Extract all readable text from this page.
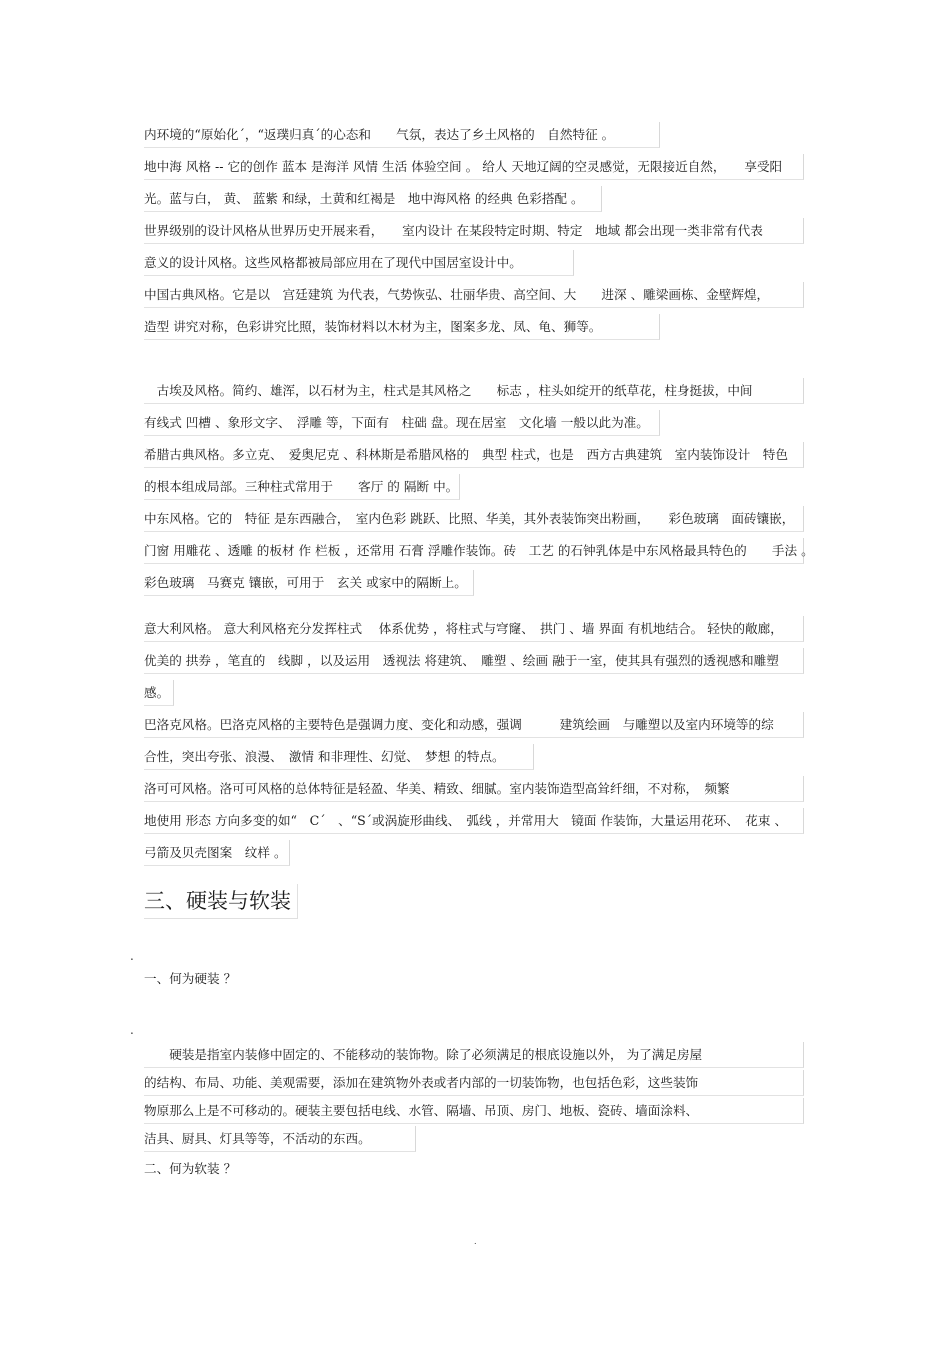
内环境的“原始化ˊ，“返璞归真ˊ的心态和　　气氛，表达了乡土风格的　自然特征 。
地中海 风格 -- 它的创作 蓝本 是海洋 风情 生活 体验空间 。 给人 天地辽阔的空灵感觉，无限接近自然，　　享受阳
光。蓝与白， 黄、 蓝紫 和绿，土黄和红褐是　地中海风格 的经典 色彩搭配 。
世界级别的设计风格从世界历史开展来看，　　室内设计 在某段特定时期、特定　地域 都会出现一类非常有代表
意义的设计风格。这些风格都被局部应用在了现代中国居室设计中。
中国古典风格。它是以　宫廷建筑 为代表，气势恢弘、壮丽华贵、高空间、大　　进深 、雕梁画栋、金壁辉煌，
造型 讲究对称，色彩讲究比照，装饰材料以木材为主，图案多龙、凤、龟、狮等。
　古埃及风格。简约、雄浑，以石材为主，柱式是其风格之　　标志 ，柱头如绽开的纸草花，柱身挺拔，中间
有线式 凹槽 、象形文字、　浮雕 等，下面有　柱础 盘。现在居室　文化墙 一般以此为准。
希腊古典风格。多立克、　爱奥尼克 、科林斯是希腊风格的　典型 柱式，也是　西方古典建筑　室内装饰设计　特色
的根本组成局部。三种柱式常用于　　客厅 的 隔断 中。
中东风格。它的　特征 是东西融合，　室内色彩 跳跃、比照、华美，其外表装饰突出粉画，　　彩色玻璃　面砖镶嵌，
门窗 用雕花 、透雕 的板材 作 栏板 ，还常用 石膏 浮雕作装饰。砖　工艺 的石钟乳体是中东风格最具特色的　　手法 。
彩色玻璃　马赛克 镶嵌，可用于　玄关 或家中的隔断上。
意大利风格。 意大利风格充分发挥柱式　 体系优势 ，将柱式与穹窿、　拱门 、墙 界面 有机地结合。 轻快的敞廊，
优美的 拱券 ，笔直的　线脚 ，以及运用　透视法 将建筑、　雕塑 、绘画 融于一室，使其具有强烈的透视感和雕塑
感。
巴洛克风格。巴洛克风格的主要特色是强调力度、变化和动感，强调　　　建筑绘画　与雕塑以及室内环境等的综
合性，突出夸张、浪漫、　激情 和非理性、幻觉、　梦想 的特点。
洛可可风格。洛可可风格的总体特征是轻盈、华美、精致、细腻。室内装饰造型高耸纤细，不对称，　频繁
地使用 形态 方向多变的如“　Cˊ　、“Sˊ或涡旋形曲线、　弧线 ，并常用大　镜面 作装饰，大量运用花环、　花束 、
弓箭及贝壳图案　纹样 。
三、硬装与软装
.
一、何为硬装 ？
.
　　硬装是指室内装修中固定的、不能移动的装饰物。除了必须满足的根底设施以外， 为了满足房屋
的结构、布局、功能、美观需要，添加在建筑物外表或者内部的一切装饰物，也包括色彩，这些装饰
物原那么上是不可移动的。硬装主要包括电线、水管、隔墙、吊顶、房门、地板、瓷砖、墙面涂料、
洁具、厨具、灯具等等，不活动的东西。
二、何为软装 ？
.
